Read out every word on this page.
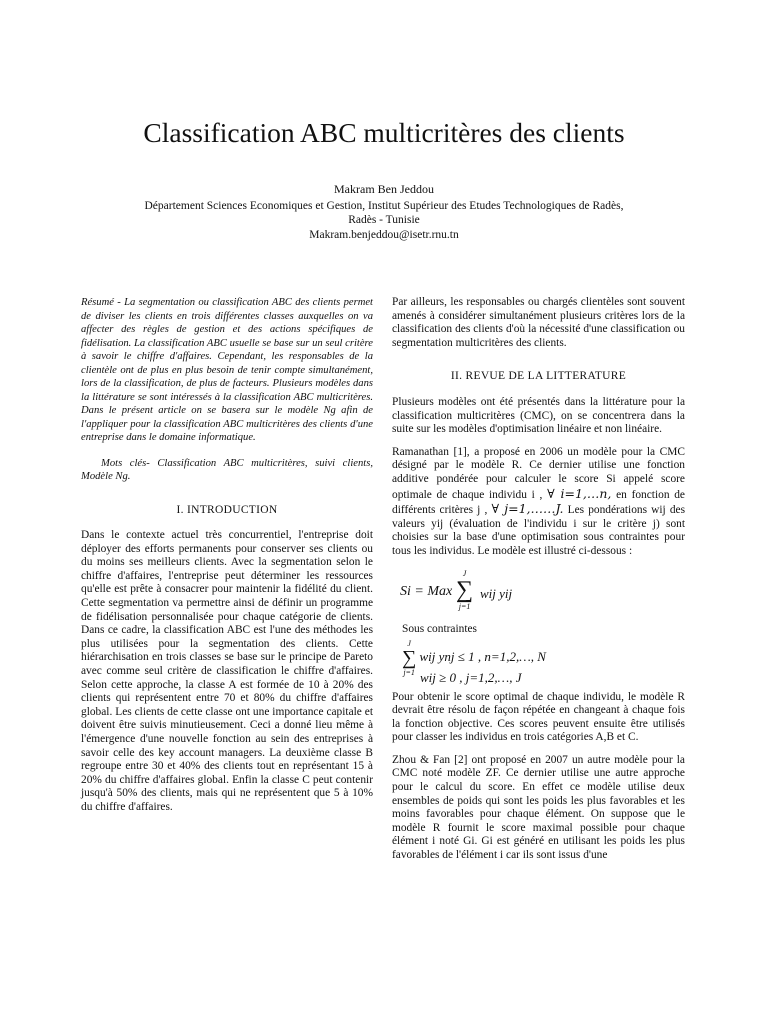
Classification ABC multicritères des clients
Makram Ben Jeddou
Département Sciences Economiques et Gestion, Institut Supérieur des Etudes Technologiques de Radès,
Radès - Tunisie
Makram.benjeddou@isetr.rnu.tn

Résumé - La segmentation ou classification ABC des clients permet de diviser les clients en trois différentes classes auxquelles on va affecter des règles de gestion et des actions spécifiques de fidélisation. La classification ABC usuelle se base sur un seul critère à savoir le chiffre d'affaires. Cependant, les responsables de la clientèle ont de plus en plus besoin de tenir compte simultanément, lors de la classification, de plus de facteurs. Plusieurs modèles dans la littérature se sont intéressés à la classification ABC multicritères. Dans le présent article on se basera sur le modèle Ng afin de l'appliquer pour la classification ABC multicritères des clients d'une entreprise dans le domaine informatique.

Mots clés- Classification ABC multicritères, suivi clients, Modèle Ng.

I. INTRODUCTION

Dans le contexte actuel très concurrentiel, l'entreprise doit déployer des efforts permanents pour conserver ses clients ou du moins ses meilleurs clients. Avec la segmentation selon le chiffre d'affaires, l'entreprise peut déterminer les ressources qu'elle est prête à consacrer pour maintenir la fidélité du client. Cette segmentation va permettre ainsi de définir un programme de fidélisation personnalisée pour chaque catégorie de clients. Dans ce cadre, la classification ABC est l'une des méthodes les plus utilisées pour la segmentation des clients. Cette hiérarchisation en trois classes se base sur le principe de Pareto avec comme seul critère de classification le chiffre d'affaires. Selon cette approche, la classe A est formée de 10 à 20% des clients qui représentent entre 70 et 80% du chiffre d'affaires global. Les clients de cette classe ont une importance capitale et doivent être suivis minutieusement. Ceci a donné lieu même à l'émergence d'une nouvelle fonction au sein des entreprises à savoir celle des key account managers. La deuxième classe B regroupe entre 30 et 40% des clients tout en représentant 15 à 20% du chiffre d'affaires global. Enfin la classe C peut contenir jusqu'à 50% des clients, mais qui ne représentent que 5 à 10% du chiffre d'affaires.

Par ailleurs, les responsables ou chargés clientèles sont souvent amenés à considérer simultanément plusieurs critères lors de la classification des clients d'où la nécessité d'une classification ou segmentation multicritères des clients.

II. REVUE DE LA LITTERATURE

Plusieurs modèles ont été présentés dans la littérature pour la classification multicritères (CMC), on se concentrera dans la suite sur les modèles d'optimisation linéaire et non linéaire.

Ramanathan [1], a proposé en 2006 un modèle pour la CMC désigné par le modèle R. Ce dernier utilise une fonction additive pondérée pour calculer le score Si appelé score optimale de chaque individu i , ∀ i=1,…n, en fonction de différents critères j , ∀ j=1,……J. Les pondérations wij des valeurs yij (évaluation de l'individu i sur le critère j) sont choisies sur la base d'une optimisation sous contraintes pour tous les individus. Le modèle est illustré ci-dessous :

Si = Max
J
∑
j=1
wij yij
Sous contraintes
J
∑
j=1
wij ynj ≤ 1 , n=1,2,…, N
wij ≥ 0 , j=1,2,…, J

Pour obtenir le score optimal de chaque individu, le modèle R devrait être résolu de façon répétée en changeant à chaque fois la fonction objective. Ces scores peuvent ensuite être utilisés pour classer les individus en trois catégories A,B et C.

Zhou & Fan [2] ont proposé en 2007 un autre modèle pour la CMC noté modèle ZF. Ce dernier utilise une autre approche pour le calcul du score. En effet ce modèle utilise deux ensembles de poids qui sont les poids les plus favorables et les moins favorables pour chaque élément. On suppose que le modèle R fournit le score maximal possible pour chaque élément i noté Gi. Gi est généré en utilisant les poids les plus favorables de l'élément i car ils sont issus d'une
